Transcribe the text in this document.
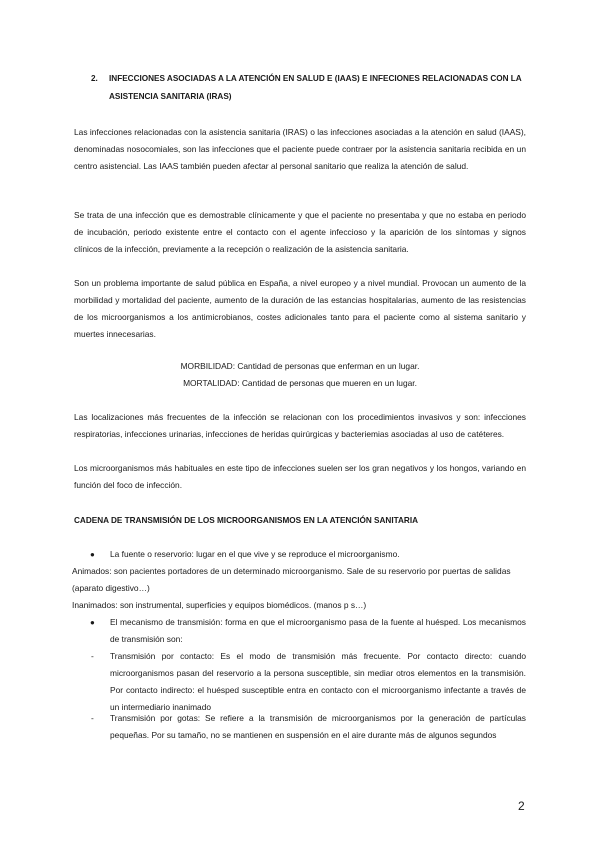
2. INFECCIONES ASOCIADAS A LA ATENCIÓN EN SALUD E (IAAS) E INFECIONES RELACIONADAS CON LA
ASISTENCIA SANITARIA (IRAS)
Las infecciones relacionadas con la asistencia sanitaria (IRAS) o las infecciones asociadas a la atención en salud (IAAS), denominadas nosocomiales, son las infecciones que el paciente puede contraer por la asistencia sanitaria recibida en un centro asistencial. Las IAAS también pueden afectar al personal sanitario que realiza la atención de salud.
Se trata de una infección que es demostrable clínicamente y que el paciente no presentaba y que no estaba en periodo de incubación, periodo existente entre el contacto con el agente infeccioso y la aparición de los síntomas y signos clínicos de la infección, previamente a la recepción o realización de la asistencia sanitaria.
Son un problema importante de salud pública en España, a nivel europeo y a nivel mundial. Provocan un aumento de la morbilidad y mortalidad del paciente, aumento de la duración de las estancias hospitalarias, aumento de las resistencias de los microorganismos a los antimicrobianos, costes adicionales tanto para el paciente como al sistema sanitario y muertes innecesarias.
MORBILIDAD: Cantidad de personas que enferman en un lugar.
MORTALIDAD: Cantidad de personas que mueren en un lugar.
Las localizaciones más frecuentes de la infección se relacionan con los procedimientos invasivos y son: infecciones respiratorias, infecciones urinarias, infecciones de heridas quirúrgicas y bacteriemias asociadas al uso de catéteres.
Los microorganismos más habituales en este tipo de infecciones suelen ser los gran negativos y los hongos, variando en función del foco de infección.
CADENA DE TRANSMISIÓN DE LOS MICROORGANISMOS EN LA ATENCIÓN SANITARIA
● La fuente o reservorio: lugar en el que vive y se reproduce el microorganismo.
Animados: son pacientes portadores de un determinado microorganismo. Sale de su reservorio por puertas de salidas (aparato digestivo…)
Inanimados: son instrumental, superficies y equipos biomédicos. (manos p s…)
● El mecanismo de transmisión: forma en que el microorganismo pasa de la fuente al huésped. Los mecanismos de transmisión son:
- Transmisión por contacto: Es el modo de transmisión más frecuente. Por contacto directo: cuando microorganismos pasan del reservorio a la persona susceptible, sin mediar otros elementos en la transmisión. Por contacto indirecto: el huésped susceptible entra en contacto con el microorganismo infectante a través de un intermediario inanimado
- Transmisión por gotas: Se refiere a la transmisión de microorganismos por la generación de partículas pequeñas. Por su tamaño, no se mantienen en suspensión en el aire durante más de algunos segundos
2
